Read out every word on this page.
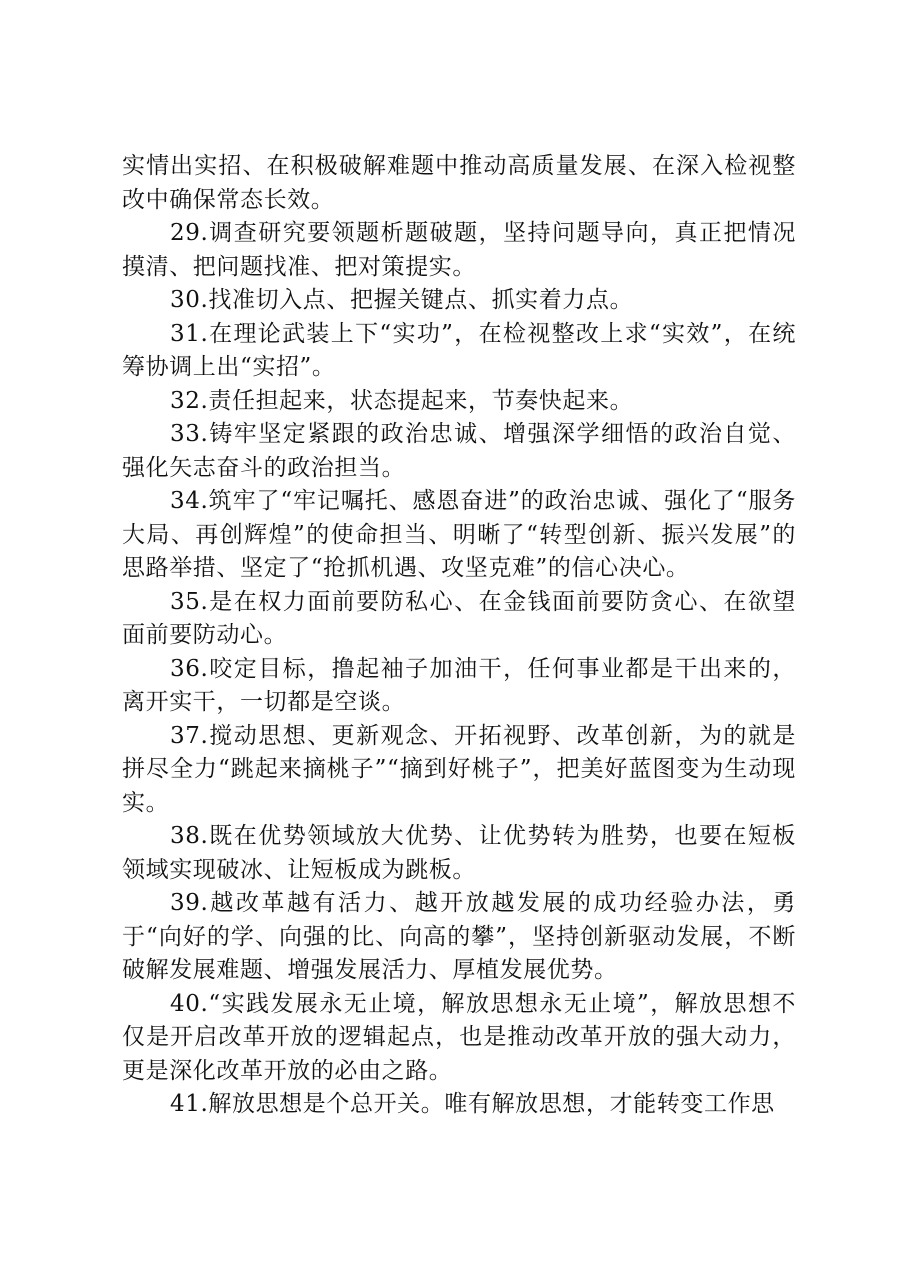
实情出实招、在积极破解难题中推动高质量发展、在深入检视整改中确保常态长效。

29.调查研究要领题析题破题，坚持问题导向，真正把情况摸清、把问题找准、把对策提实。

30.找准切入点、把握关键点、抓实着力点。

31.在理论武装上下“实功”，在检视整改上求“实效”，在统筹协调上出“实招”。

32.责任担起来，状态提起来，节奏快起来。

33.铸牢坚定紧跟的政治忠诚、增强深学细悟的政治自觉、强化矢志奋斗的政治担当。

34.筑牢了“牢记嘱托、感恩奋进”的政治忠诚、强化了“服务大局、再创辉煌”的使命担当、明晰了“转型创新、振兴发展”的思路举措、坚定了“抢抓机遇、攻坚克难”的信心决心。

35.是在权力面前要防私心、在金钱面前要防贪心、在欲望面前要防动心。

36.咬定目标，撸起袖子加油干，任何事业都是干出来的，离开实干，一切都是空谈。

37.搅动思想、更新观念、开拓视野、改革创新，为的就是拼尽全力“跳起来摘桃子”“摘到好桃子”，把美好蓝图变为生动现实。

38.既在优势领域放大优势、让优势转为胜势，也要在短板领域实现破冰、让短板成为跳板。

39.越改革越有活力、越开放越发展的成功经验办法，勇于“向好的学、向强的比、向高的攀”，坚持创新驱动发展，不断破解发展难题、增强发展活力、厚植发展优势。

40.“实践发展永无止境，解放思想永无止境”，解放思想不仅是开启改革开放的逻辑起点，也是推动改革开放的强大动力，更是深化改革开放的必由之路。

41.解放思想是个总开关。唯有解放思想，才能转变工作思
